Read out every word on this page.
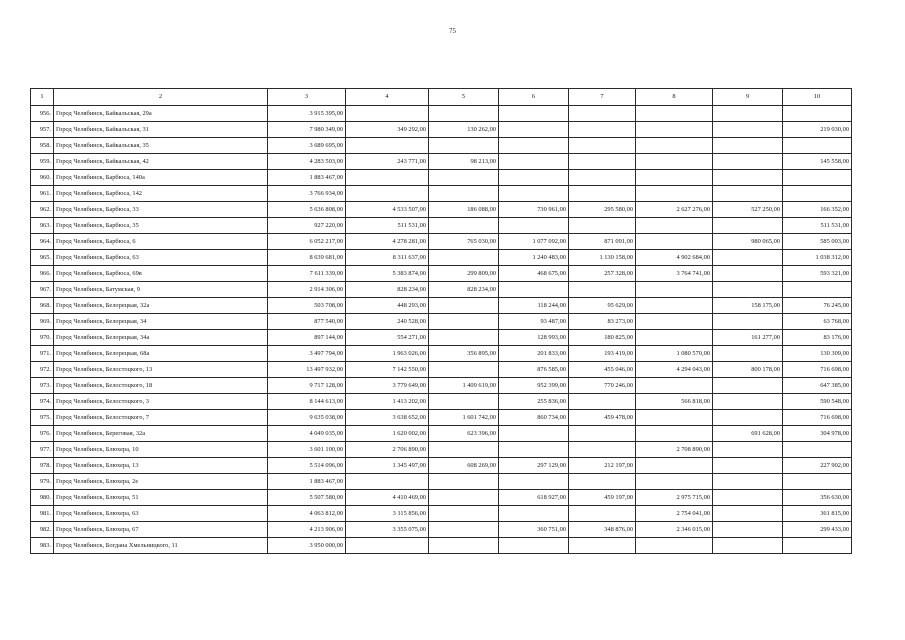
75
1	2	3	4	5	6	7	8	9	10
956.	Город Челябинск, Байкальская, 29а	3 915 395,00							
957.	Город Челябинск, Байкальская, 31	7 980 349,00	349 292,00	130 262,00					219 030,00
958.	Город Челябинск, Байкальская, 35	3 689 695,00							
959.	Город Челябинск, Байкальская, 42	4 283 503,00	243 771,00	98 213,00					145 558,00
960.	Город Челябинск, Барбюса, 140а	1 883 467,00							
961.	Город Челябинск, Барбюса, 142	3 766 934,00							
962.	Город Челябинск, Барбюса, 33	5 636 808,00	4 533 507,00	186 088,00	730 961,00	295 580,00	2 627 276,00	527 250,00	166 352,00
963.	Город Челябинск, Барбюса, 35	927 220,00	511 531,00						511 531,00
964.	Город Челябинск, Барбюса, 6	6 052 217,00	4 278 281,00	765 030,00	1 077 092,00	871 091,00		980 065,00	585 003,00
965.	Город Челябинск, Барбюса, 63	8 639 681,00	8 311 637,00		1 240 483,00	1 130 158,00	4 902 684,00		1 038 312,00
966.	Город Челябинск, Барбюса, 69в	7 611 339,00	5 383 874,00	299 809,00	468 675,00	257 328,00	3 764 741,00		593 321,00
967.	Город Челябинск, Батумская, 9	2 914 306,00	828 234,00	828 234,00					
968.	Город Челябинск, Белорецкая, 32а	503 708,00	448 293,00		118 244,00	95 629,00		158 175,00	76 245,00
969.	Город Челябинск, Белорецкая, 34	877 540,00	240 528,00		93 487,00	83 273,00			63 768,00
970.	Город Челябинск, Белорецкая, 34а	897 144,00	554 271,00		128 993,00	180 825,00		161 277,00	83 176,00
971.	Город Челябинск, Белорецкая, 68а	3 497 794,00	1 963 026,00	356 895,00	201 833,00	193 419,00	1 080 570,00		130 309,00
972.	Город Челябинск, Белостоцкого, 13	13 497 932,00	7 142 550,00		876 585,00	455 046,00	4 294 043,00	800 178,00	716 698,00
973.	Город Челябинск, Белостоцкого, 18	9 717 128,00	3 779 649,00	1 409 619,00	952 399,00	770 246,00			647 385,00
974.	Город Челябинск, Белостоцкого, 3	8 144 613,00	1 413 202,00		255 836,00		566 818,00		590 548,00
975.	Город Челябинск, Белостоцкого, 7	9 635 038,00	3 638 652,00	1 601 742,00	860 734,00	459 478,00			716 698,00
976.	Город Челябинск, Береговая, 32а	4 049 035,00	1 620 002,00	623 396,00				691 628,00	304 978,00
977.	Город Челябинск, Блюхера, 10	3 601 100,00	2 706 890,00				2 708 890,00		
978.	Город Челябинск, Блюхера, 13	5 514 096,00	1 345 497,00	608 269,00	297 129,00	212 197,00			227 902,00
979.	Город Челябинск, Блюхера, 2е	1 883 467,00							
980.	Город Челябинск, Блюхера, 51	5 507 580,00	4 410 469,00		618 927,00	459 197,00	2 975 715,00		356 630,00
981.	Город Челябинск, Блюхера, 63	4 063 812,00	3 115 856,00				2 754 041,00		361 815,00
982.	Город Челябинск, Блюхера, 67	4 213 906,00	3 355 075,00		360 751,00	348 876,00	2 346 015,00		299 433,00
983.	Город Челябинск, Богдана Хмельницкого, 11	3 950 000,00							
